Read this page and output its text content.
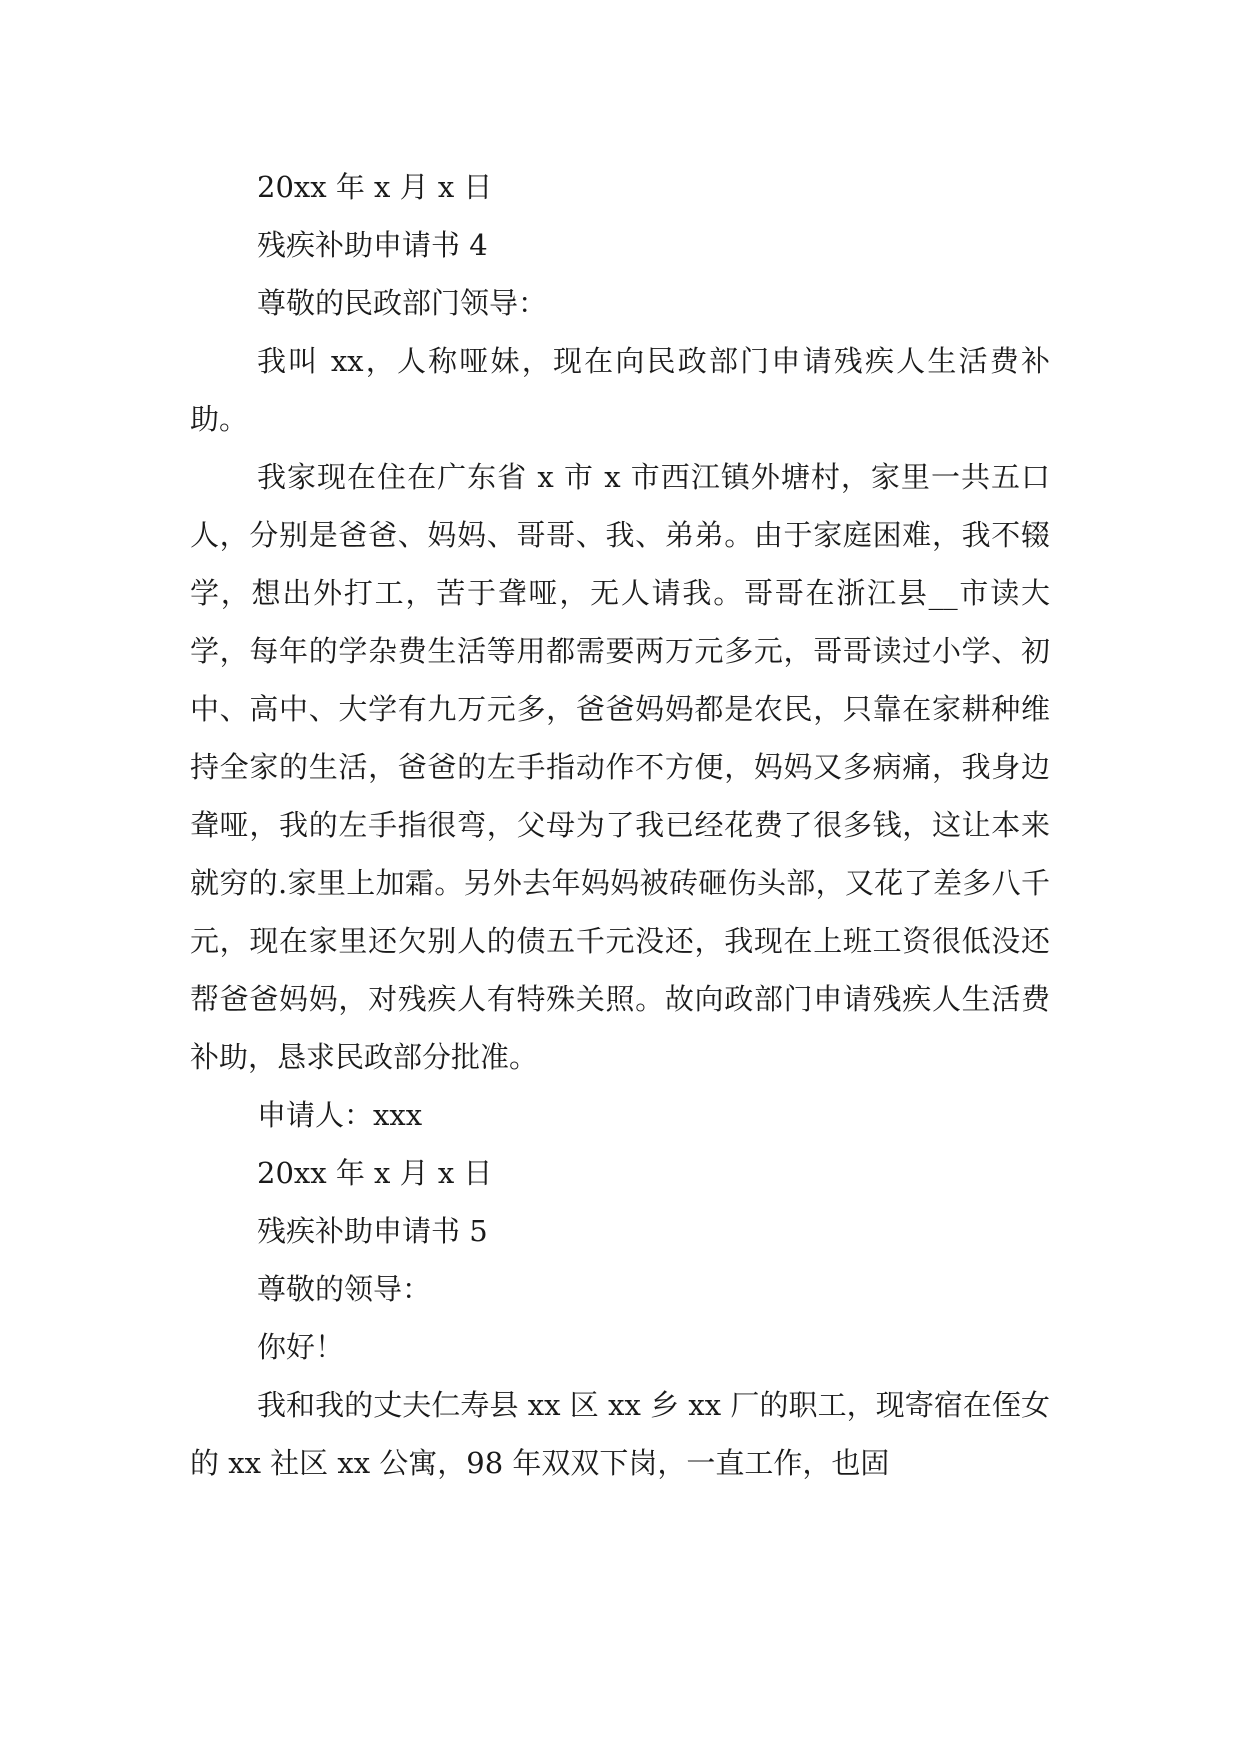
20xx 年 x 月 x 日
残疾补助申请书 4
尊敬的民政部门领导：

我叫 xx，人称哑妹，现在向民政部门申请残疾人生活费补助。

我家现在住在广东省 x 市 x 市西江镇外塘村，家里一共五口人，分别是爸爸、妈妈、哥哥、我、弟弟。由于家庭困难，我不辍学，想出外打工，苦于聋哑，无人请我。哥哥在浙江县__市读大学，每年的学杂费生活等用都需要两万元多元，哥哥读过小学、初中、高中、大学有九万元多，爸爸妈妈都是农民，只靠在家耕种维持全家的生活，爸爸的左手指动作不方便，妈妈又多病痛，我身边聋哑，我的左手指很弯，父母为了我已经花费了很多钱，这让本来就穷的.家里上加霜。另外去年妈妈被砖砸伤头部，又花了差多八千元，现在家里还欠别人的债五千元没还，我现在上班工资很低没还帮爸爸妈妈，对残疾人有特殊关照。故向政部门申请残疾人生活费补助，恳求民政部分批准。

申请人：xxx
20xx 年 x 月 x 日
残疾补助申请书 5
尊敬的领导：
你好！

我和我的丈夫仁寿县 xx 区 xx 乡 xx 厂的职工，现寄宿在侄女的 xx 社区 xx 公寓，98 年双双下岗，一直工作，也固
